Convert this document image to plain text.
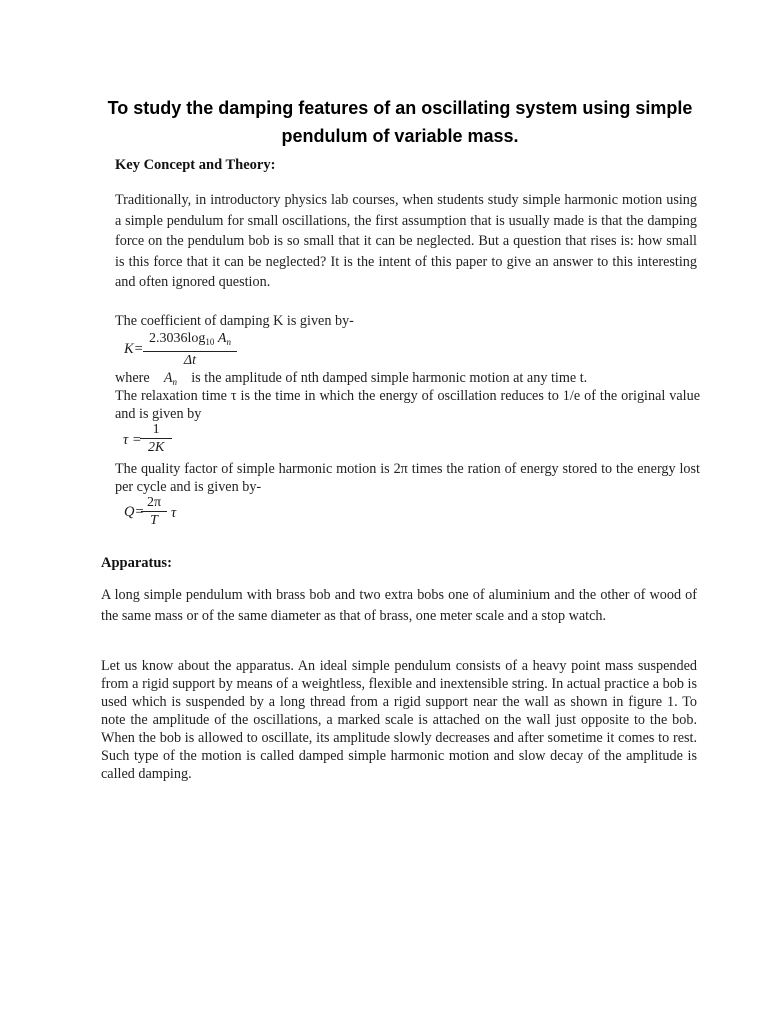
To study the damping features of an oscillating system using simple pendulum of variable mass.
Key Concept and Theory:

Traditionally, in introductory physics lab courses, when students study simple harmonic motion using a simple pendulum for small oscillations, the first assumption that is usually made is that the damping force on the pendulum bob is so small that it can be neglected. But a question that rises is: how small is this force that it can be neglected? It is the intent of this paper to give an answer to this interesting and often ignored question.

The coefficient of damping K is given by-

$K= \frac{2.3036\log_{10} A_n}{\Delta t}$

where $A_n$ is the amplitude of nth damped simple harmonic motion at any time t.

The relaxation time τ is the time in which the energy of oscillation reduces to 1/e of the original value and is given by

$\tau = \frac{1}{2K}$

The quality factor of simple harmonic motion is 2π times the ration of energy stored to the energy lost per cycle and is given by-

$Q= \frac{2\pi}{T}$ τ
Apparatus:

A long simple pendulum with brass bob and two extra bobs one of aluminium and the other of wood of the same mass or of the same diameter as that of brass, one meter scale and a stop watch.

Let us know about the apparatus. An ideal simple pendulum consists of a heavy point mass suspended from a rigid support by means of a weightless, flexible and inextensible string. In actual practice a bob is used which is suspended by a long thread from a rigid support near the wall as shown in figure 1. To note the amplitude of the oscillations, a marked scale is attached on the wall just opposite to the bob. When the bob is allowed to oscillate, its amplitude slowly decreases and after sometime it comes to rest. Such type of the motion is called damped simple harmonic motion and slow decay of the amplitude is called damping.
